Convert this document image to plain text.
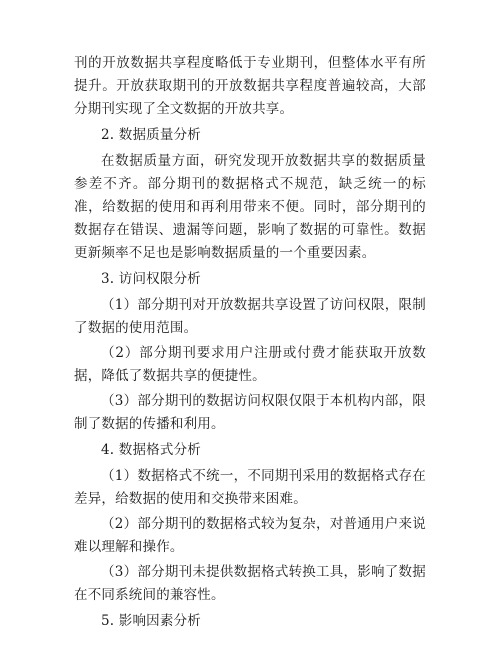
刊的开放数据共享程度略低于专业期刊，但整体水平有所提升。开放获取期刊的开放数据共享程度普遍较高，大部分期刊实现了全文数据的开放共享。

2. 数据质量分析

在数据质量方面，研究发现开放数据共享的数据质量参差不齐。部分期刊的数据格式不规范，缺乏统一的标准，给数据的使用和再利用带来不便。同时，部分期刊的数据存在错误、遗漏等问题，影响了数据的可靠性。数据更新频率不足也是影响数据质量的一个重要因素。

3. 访问权限分析

（1）部分期刊对开放数据共享设置了访问权限，限制了数据的使用范围。

（2）部分期刊要求用户注册或付费才能获取开放数据，降低了数据共享的便捷性。

（3）部分期刊的数据访问权限仅限于本机构内部，限制了数据的传播和利用。

4. 数据格式分析

（1）数据格式不统一，不同期刊采用的数据格式存在差异，给数据的使用和交换带来困难。

（2）部分期刊的数据格式较为复杂，对普通用户来说难以理解和操作。

（3）部分期刊未提供数据格式转换工具，影响了数据在不同系统间的兼容性。

5. 影响因素分析
